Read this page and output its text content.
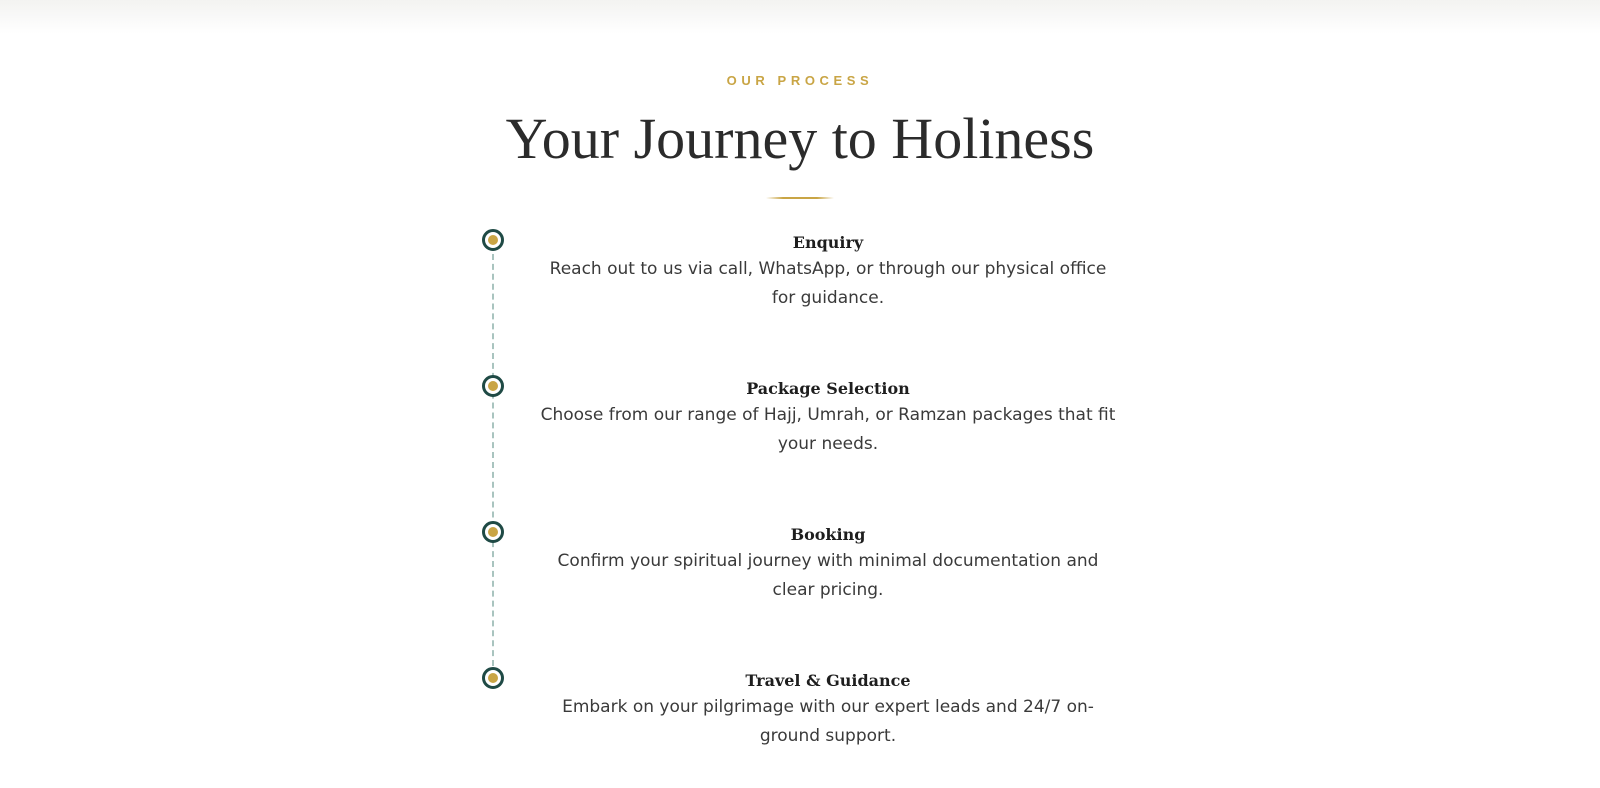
OUR PROCESS
Your Journey to Holiness
Enquiry
Reach out to us via call, WhatsApp, or through our physical office for guidance.
Package Selection
Choose from our range of Hajj, Umrah, or Ramzan packages that fit your needs.
Booking
Confirm your spiritual journey with minimal documentation and clear pricing.
Travel & Guidance
Embark on your pilgrimage with our expert leads and 24/7 on-ground support.
